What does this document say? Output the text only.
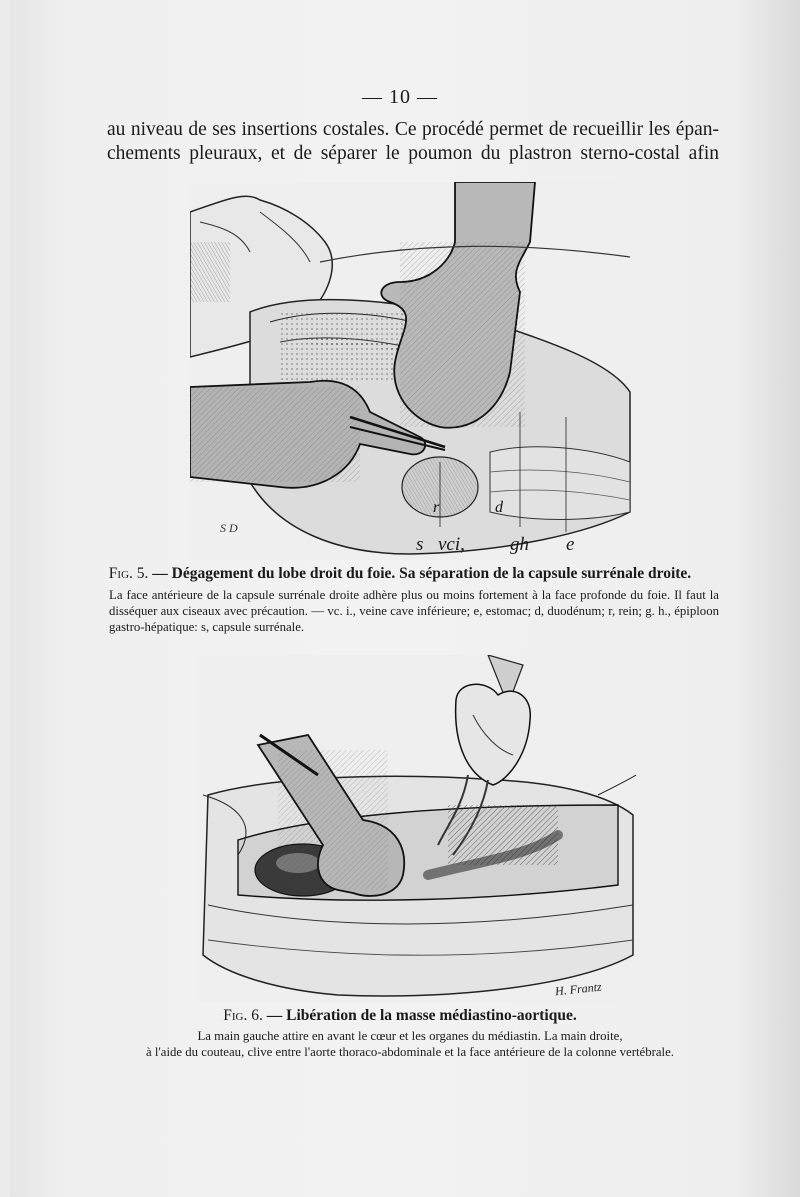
— 10 —

au niveau de ses insertions costales. Ce procédé permet de recueillir les épan-
chements pleuraux, et de séparer le poumon du plastron sterno-costal afin

S D
r	d
s vci, gh e
Fig. 5. — Dégagement du lobe droit du foie. Sa séparation de la capsule surrénale droite.
La face antérieure de la capsule surrénale droite adhère plus ou moins fortement à la face profonde du foie. Il faut la disséquer aux ciseaux avec précaution. — vc. i., veine cave inférieure; e, estomac; d, duodénum; r, rein; g. h., épiploon gastro-hépatique: s, capsule surrénale.
H. Frantz
Fig. 6. — Libération de la masse médiastino-aortique.
La main gauche attire en avant le cœur et les organes du médiastin. La main droite,
à l'aide du couteau, clive entre l'aorte thoraco-abdominale et la face antérieure de la colonne vertébrale.
